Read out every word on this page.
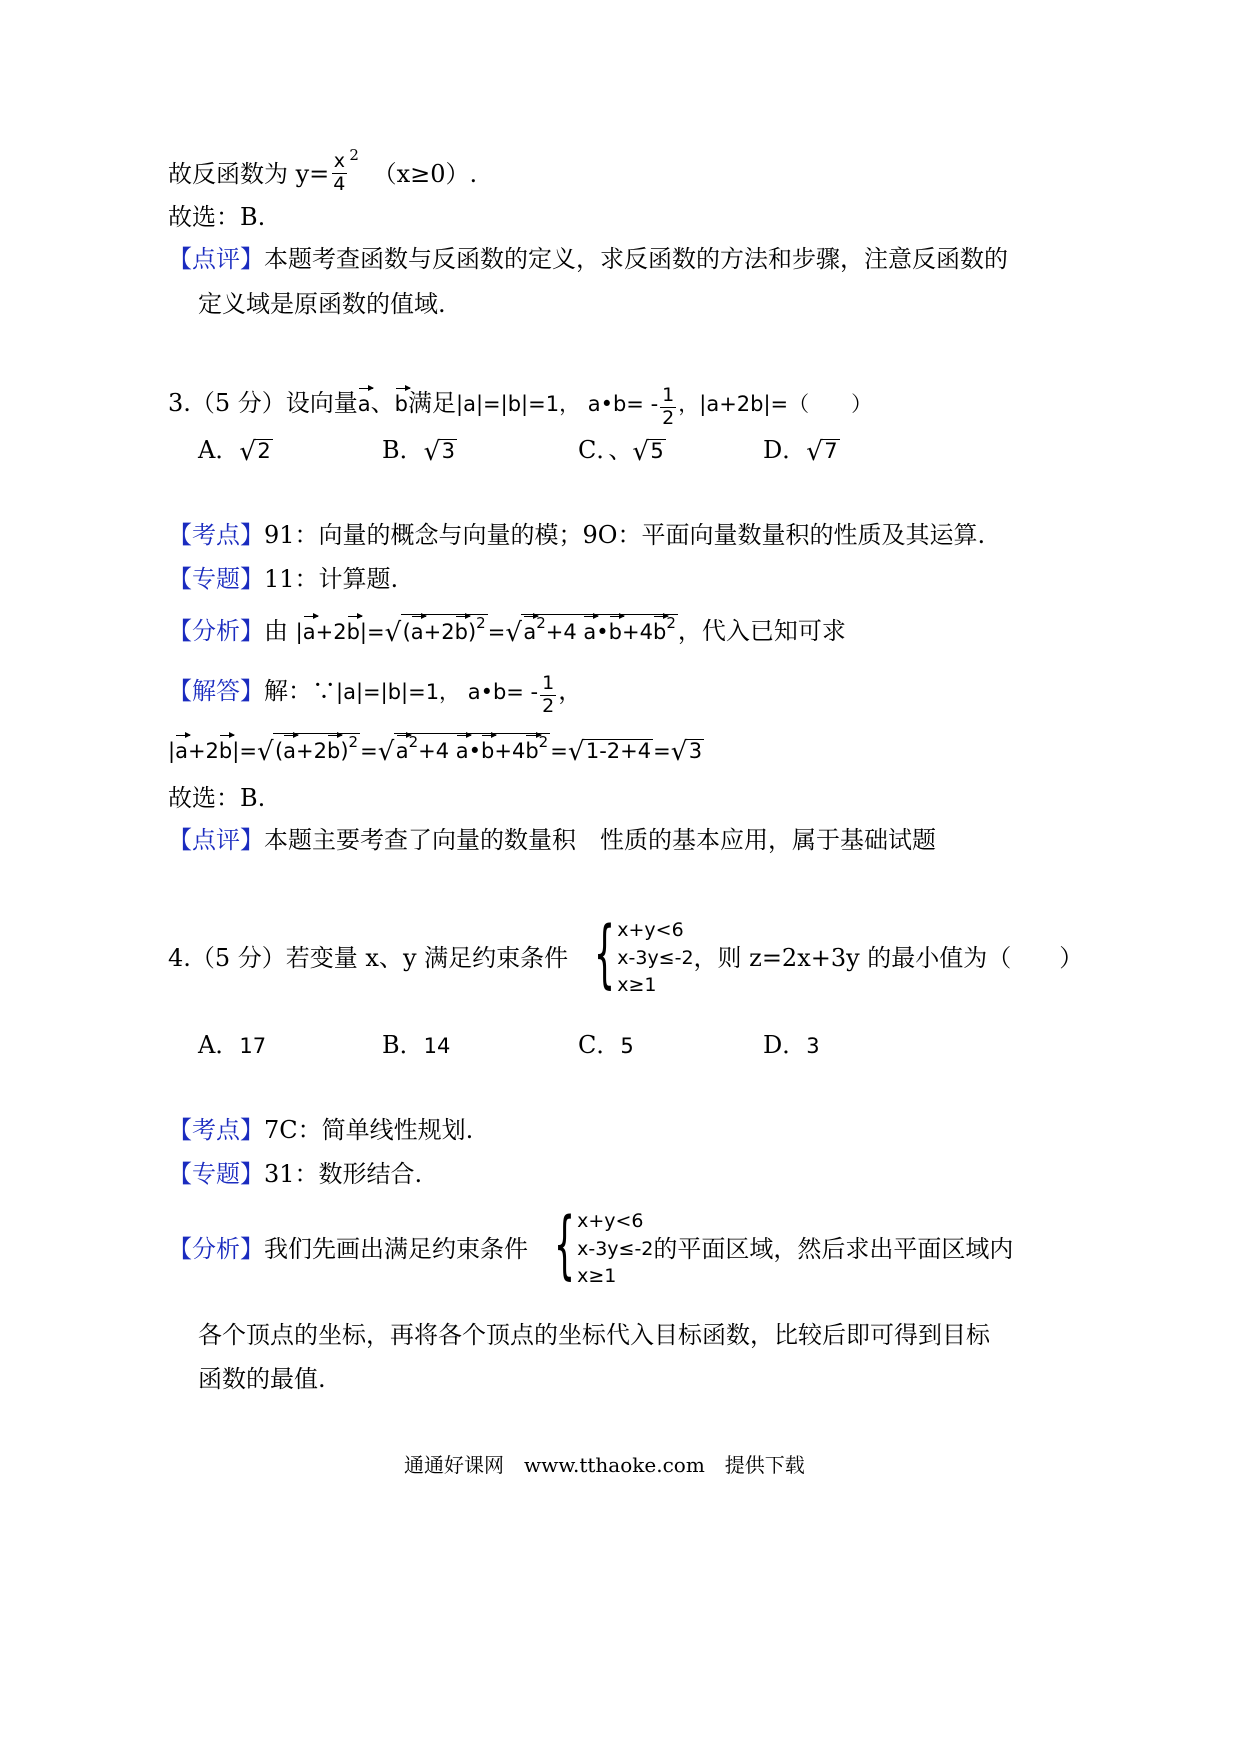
故反函数为 $y= \frac{x}{4} ^2$ （x≥0）.
故选：B.
【点评】本题考查函数与反函数的定义，求反函数的方法和步骤，注意反函数的
定义域是原函数的值域.
3.（5 分）设向量a、b满足|a|=|b|=1， a•b= - $\frac{1}{2}$ ，|a+2b|=（　　）
A．√ 2	B．√ 3	C．、√ 5	D．√ 7
【考点】91：向量的概念与向量的模；9O：平面向量数量积的性质及其运算.
【专题】11：计算题.
【分析】由 |a+2b|=√ $(a+2b)^2=√$ $a^2+4$ $a•b+4b^2$，代入已知可求
【解答】解：∵|a|=|b|=1， a•b= - $\frac{1}{2}$ ，
|a+2b|=√ $(a+2b)^2=√$ $a^2+4$ $a•b+4b^2=√$ 1-2+4=√ 3
故选：B.
【点评】本题主要考查了向量的数量积　性质的基本应用，属于基础试题
4.（5 分）若变量 x、y 满足约束条件 { x+y<6
x-3y≤-2
x≥1
，则 z=2x+3y 的最小值为（　　）
A．17	B．14	C．5	D．3
【考点】7C：简单线性规划.
【专题】31：数形结合.
【分析】 我们先画出满足约束条件 { x+y<6
x-3y≤-2
x≥1
的平面区域，然后求出平面区域内
各个顶点的坐标，再将各个顶点的坐标代入目标函数，比较后即可得到目标
函数的最值.
通通好课网　www.tthaoke.com　提供下载
